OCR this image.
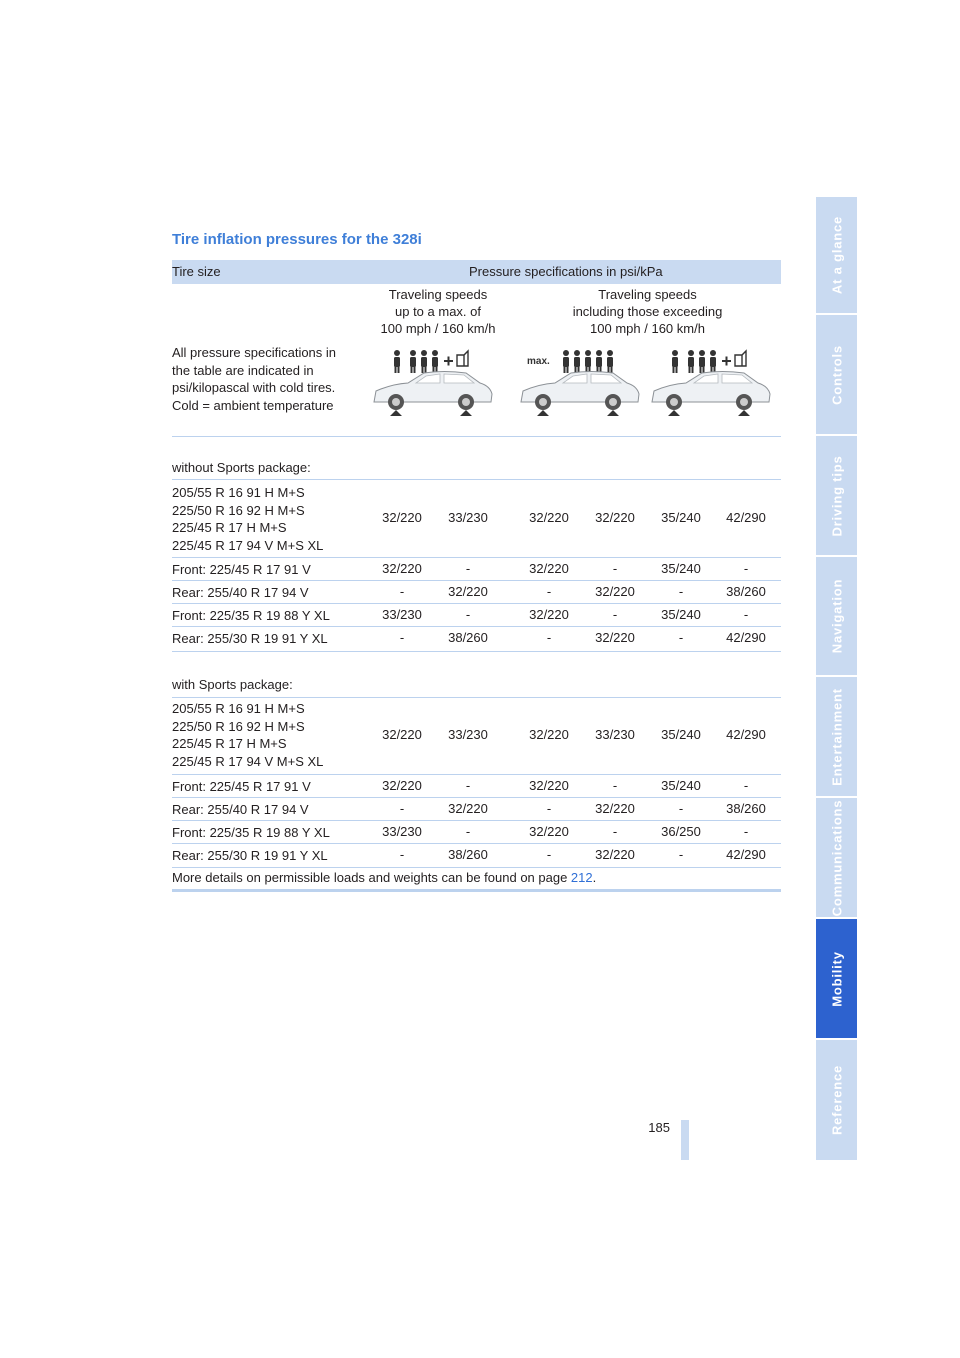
Tire inflation pressures for the 328i
Tire size	Pressure specifications in psi/kPa
Traveling speeds
up to a max. of
100 mph / 160 km/h
Traveling speeds
including those exceeding
100 mph / 160 km/h
All pressure specifications in the table are indicated in psi/kilopascal with cold tires. Cold = ambient temperature
max.
without Sports package:
205/55 R 16 91 H M+S
225/50 R 16 92 H M+S
225/45 R 17 H M+S
225/45 R 17 94 V M+S XL
32/220	33/230	32/220	32/220	35/240	42/290
Front: 225/45 R 17 91 V	32/220	-	32/220	-	35/240	-
Rear: 255/40 R 17 94 V	-	32/220	-	32/220	-	38/260
Front: 225/35 R 19 88 Y XL	33/230	-	32/220	-	35/240	-
Rear: 255/30 R 19 91 Y XL	-	38/260	-	32/220	-	42/290
with Sports package:
205/55 R 16 91 H M+S
225/50 R 16 92 H M+S
225/45 R 17 H M+S
225/45 R 17 94 V M+S XL
32/220	33/230	32/220	33/230	35/240	42/290
Front: 225/45 R 17 91 V	32/220	-	32/220	-	35/240	-
Rear: 255/40 R 17 94 V	-	32/220	-	32/220	-	38/260
Front: 225/35 R 19 88 Y XL	33/230	-	32/220	-	36/250	-
Rear: 255/30 R 19 91 Y XL	-	38/260	-	32/220	-	42/290
More details on permissible loads and weights can be found on page 212.
185
At a glance
Controls
Driving tips
Navigation
Entertainment
Communications
Mobility
Reference
